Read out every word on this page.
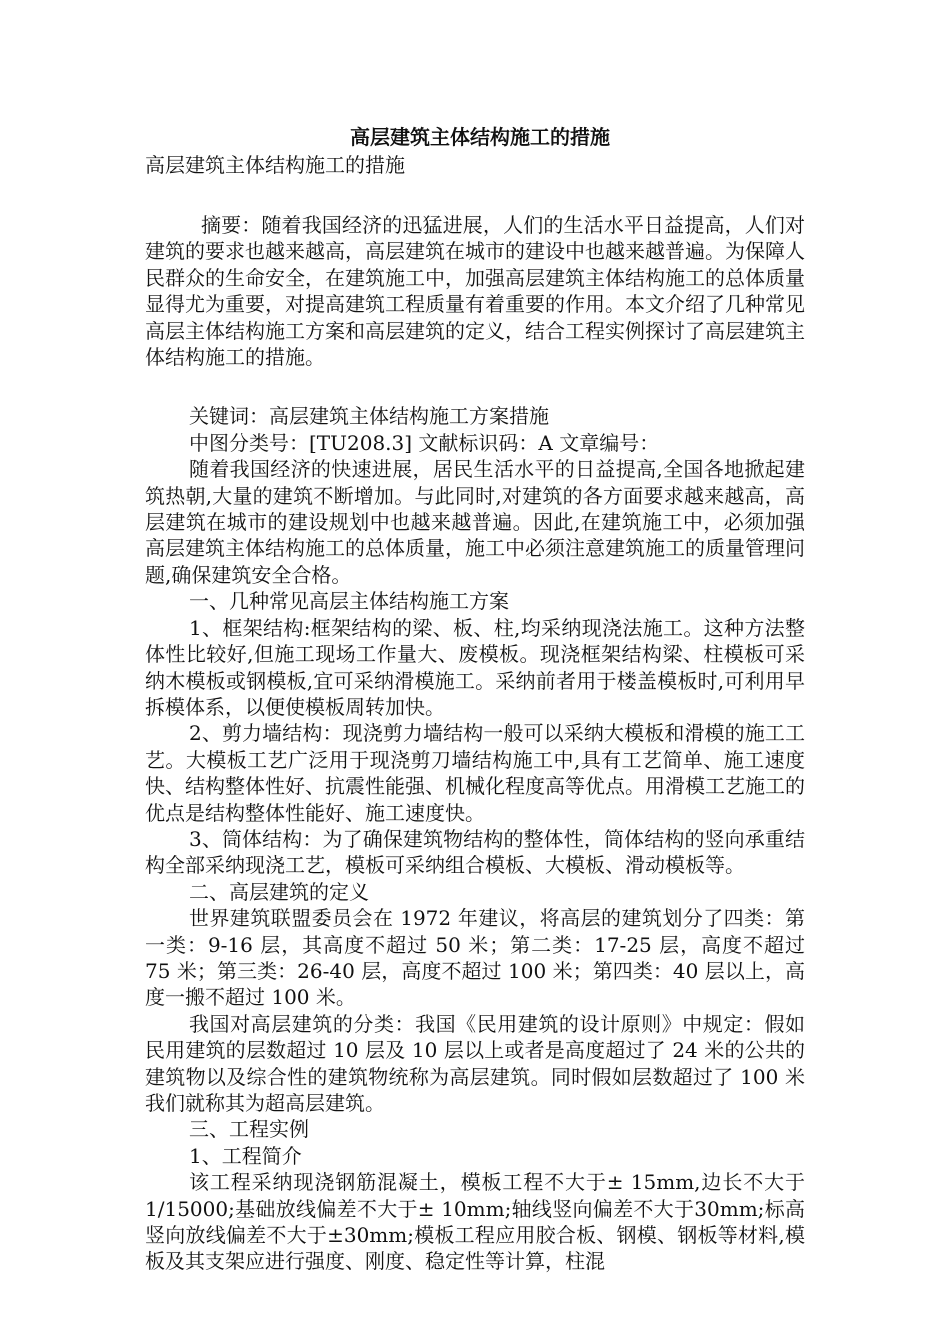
高层建筑主体结构施工的措施
高层建筑主体结构施工的措施

摘要：随着我国经济的迅猛进展，人们的生活水平日益提高，人们对建筑的要求也越来越高，高层建筑在城市的建设中也越来越普遍。为保障人民群众的生命安全，在建筑施工中，加强高层建筑主体结构施工的总体质量显得尤为重要，对提高建筑工程质量有着重要的作用。本文介绍了几种常见高层主体结构施工方案和高层建筑的定义，结合工程实例探讨了高层建筑主体结构施工的措施。

关键词：高层建筑主体结构施工方案措施

中图分类号：[TU208.3] 文献标识码：A 文章编号：

随着我国经济的快速进展，居民生活水平的日益提高,全国各地掀起建筑热朝,大量的建筑不断增加。与此同时,对建筑的各方面要求越来越高，高层建筑在城市的建设规划中也越来越普遍。因此,在建筑施工中，必须加强高层建筑主体结构施工的总体质量，施工中必须注意建筑施工的质量管理问题,确保建筑安全合格。

一、几种常见高层主体结构施工方案

1、框架结构:框架结构的梁、板、柱,均采纳现浇法施工。这种方法整体性比较好,但施工现场工作量大、废模板。现浇框架结构梁、柱模板可采纳木模板或钢模板,宜可采纳滑模施工。采纳前者用于楼盖模板时,可利用早拆模体系，以便使模板周转加快。

2、剪力墙结构：现浇剪力墙结构一般可以采纳大模板和滑模的施工工艺。大模板工艺广泛用于现浇剪刀墙结构施工中,具有工艺简单、施工速度快、结构整体性好、抗震性能强、机械化程度高等优点。用滑模工艺施工的优点是结构整体性能好、施工速度快。

3、筒体结构：为了确保建筑物结构的整体性，筒体结构的竖向承重结构全部采纳现浇工艺，模板可采纳组合模板、大模板、滑动模板等。

二、高层建筑的定义

世界建筑联盟委员会在 1972 年建议，将高层的建筑划分了四类：第一类：9-16 层，其高度不超过 50 米；第二类：17-25 层，高度不超过 75 米；第三类：26-40 层，高度不超过 100 米；第四类：40 层以上，高度一搬不超过 100 米。

我国对高层建筑的分类：我国《民用建筑的设计原则》中规定：假如民用建筑的层数超过 10 层及 10 层以上或者是高度超过了 24 米的公共的建筑物以及综合性的建筑物统称为高层建筑。同时假如层数超过了 100 米我们就称其为超高层建筑。

三、工程实例

1、工程简介

该工程采纳现浇钢筋混凝土，模板工程不大于± 15mm,边长不大于1/15000;基础放线偏差不大于± 10mm;轴线竖向偏差不大于30mm;标高竖向放线偏差不大于±30mm;模板工程应用胶合板、钢模、钢板等材料,模板及其支架应进行强度、刚度、稳定性等计算，柱混
